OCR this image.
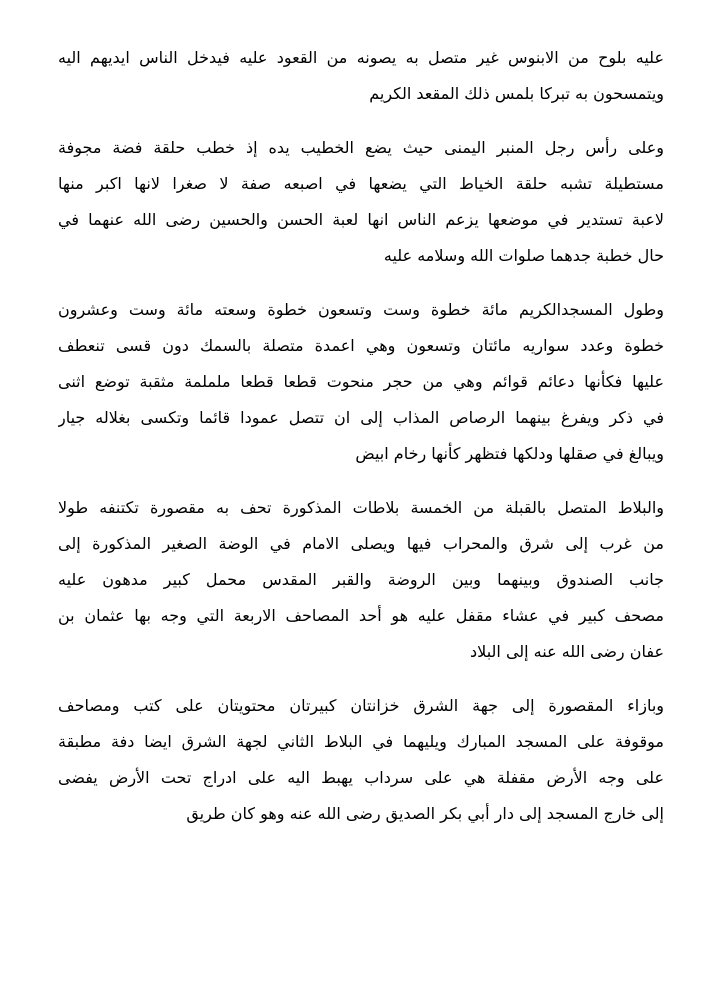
عليه بلوح من الابنوس غير متصل به يصونه من القعود عليه فيدخل الناس ايديهم اليه
ويتمسحون به تبركا بلمس ذلك المقعد الكريم
وعلى رأس رجل المنبر اليمنى حيث يضع الخطيب يده إذ خطب حلقة فضة مجوفة
مستطيلة تشبه حلقة الخياط التي يضعها في اصبعه صفة لا صغرا لانها اكبر منها
لاعبة تستدير في موضعها يزعم الناس انها لعبة الحسن والحسين رضى الله عنهما في
حال خطبة جدهما صلوات الله وسلامه عليه
وطول المسجدالكريم مائة خطوة وست وتسعون خطوة وسعته مائة وست وعشرون
خطوة وعدد سواريه مائتان وتسعون وهي اعمدة متصلة بالسمك دون قسى تنعطف
عليها فكأنها دعائم قوائم وهي من حجر منحوت قطعا قطعا ململمة مثقبة توضع اثنى
في ذكر ويفرغ بينهما الرصاص المذاب إلى ان تتصل عمودا قائما وتكسى بغلاله جيار
ويبالغ في صقلها ودلكها فتظهر كأنها رخام ابيض
والبلاط المتصل بالقبلة من الخمسة بلاطات المذكورة تحف به مقصورة تكتنفه طولا
من غرب إلى شرق والمحراب فيها ويصلى الامام في الوضة الصغير المذكورة إلى
جانب الصندوق وبينهما وبين الروضة والقبر المقدس محمل كبير مدهون عليه
مصحف كبير في عشاء مقفل عليه هو أحد المصاحف الاربعة التي وجه بها عثمان بن
عفان رضى الله عنه إلى البلاد
وبازاء المقصورة إلى جهة الشرق خزانتان كبيرتان محتويتان على كتب ومصاحف
موقوفة على المسجد المبارك ويليهما في البلاط الثاني لجهة الشرق ايضا دفة مطبقة
على وجه الأرض مقفلة هي على سرداب يهبط اليه على ادراج تحت الأرض يفضى
إلى خارج المسجد إلى دار أبي بكر الصديق رضى الله عنه وهو كان طريق
